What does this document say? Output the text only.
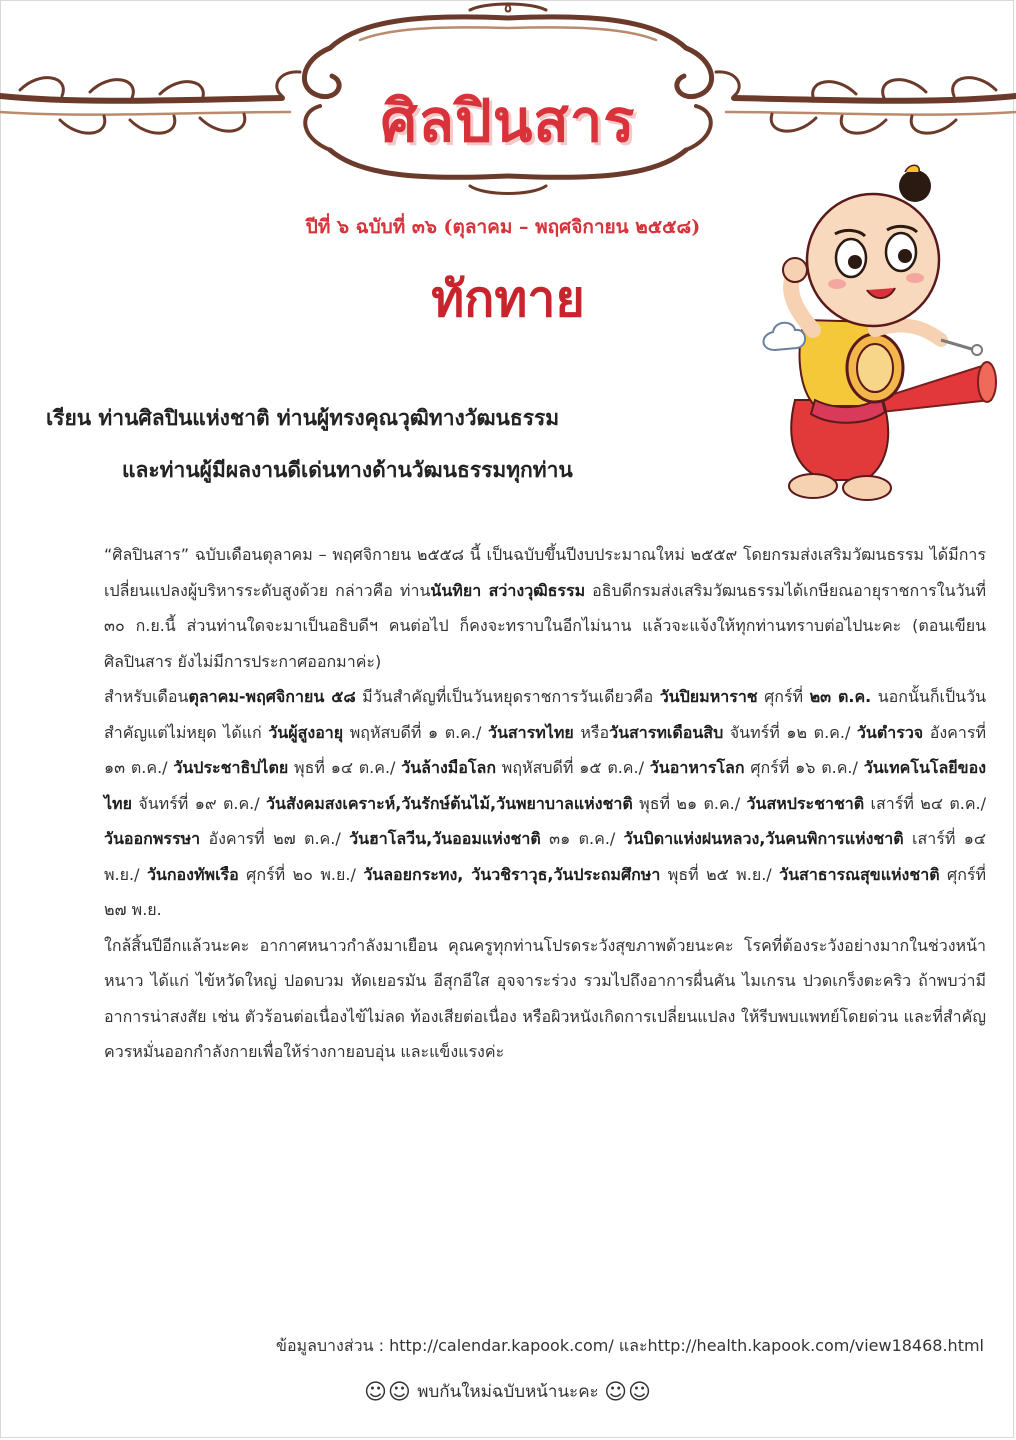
ศิลปินสาร
ปีที่ ๖ ฉบับที่ ๓๖ (ตุลาคม – พฤศจิกายน ๒๕๕๘)
ทักทาย
เรียน ท่านศิลปินแห่งชาติ ท่านผู้ทรงคุณวุฒิทางวัฒนธรรม
และท่านผู้มีผลงานดีเด่นทางด้านวัฒนธรรมทุกท่าน

“ศิลปินสาร” ฉบับเดือนตุลาคม – พฤศจิกายน ๒๕๕๘ นี้ เป็นฉบับขึ้นปีงบประมาณใหม่ ๒๕๕๙ โดยกรมส่งเสริมวัฒนธรรม ได้มีการเปลี่ยนแปลงผู้บริหารระดับสูงด้วย กล่าวคือ ท่านนันทิยา สว่างวุฒิธรรม อธิบดีกรมส่งเสริมวัฒนธรรมได้เกษียณอายุราชการในวันที่ ๓๐ ก.ย.นี้ ส่วนท่านใดจะมาเป็นอธิบดีฯ คนต่อไป ก็คงจะทราบในอีกไม่นาน แล้วจะแจ้งให้ทุกท่านทราบต่อไปนะคะ (ตอนเขียนศิลปินสาร ยังไม่มีการประกาศออกมาค่ะ)

สำหรับเดือนตุลาคม-พฤศจิกายน ๕๘ มีวันสำคัญที่เป็นวันหยุดราชการวันเดียวคือ วันปิยมหาราช ศุกร์ที่ ๒๓ ต.ค. นอกนั้นก็เป็นวันสำคัญแต่ไม่หยุด ได้แก่ วันผู้สูงอายุ พฤหัสบดีที่ ๑ ต.ค./ วันสารทไทย หรือวันสารทเดือนสิบ จันทร์ที่ ๑๒ ต.ค./ วันตำรวจ อังคารที่ ๑๓ ต.ค./ วันประชาธิปไตย พุธที่ ๑๔ ต.ค./ วันล้างมือโลก พฤหัสบดีที่ ๑๕ ต.ค./ วันอาหารโลก ศุกร์ที่ ๑๖ ต.ค./ วันเทคโนโลยีของไทย จันทร์ที่ ๑๙ ต.ค./ วันสังคมสงเคราะห์,วันรักษ์ต้นไม้,วันพยาบาลแห่งชาติ พุธที่ ๒๑ ต.ค./ วันสหประชาชาติ เสาร์ที่ ๒๔ ต.ค./ วันออกพรรษา อังคารที่ ๒๗ ต.ค./ วันฮาโลวีน,วันออมแห่งชาติ ๓๑ ต.ค./ วันบิดาแห่งฝนหลวง,วันคนพิการแห่งชาติ เสาร์ที่ ๑๔ พ.ย./ วันกองทัพเรือ ศุกร์ที่ ๒๐ พ.ย./ วันลอยกระทง, วันวชิราวุธ,วันประถมศึกษา พุธที่ ๒๕ พ.ย./ วันสาธารณสุขแห่งชาติ ศุกร์ที่ ๒๗ พ.ย.

ใกล้สิ้นปีอีกแล้วนะคะ อากาศหนาวกำลังมาเยือน คุณครูทุกท่านโปรดระวังสุขภาพด้วยนะคะ โรคที่ต้องระวังอย่างมากในช่วงหน้าหนาว ได้แก่ ไข้หวัดใหญ่ ปอดบวม หัดเยอรมัน อีสุกอีใส อุจจาระร่วง รวมไปถึงอาการผื่นคัน ไมเกรน ปวดเกร็งตะคริว ถ้าพบว่ามีอาการน่าสงสัย เช่น ตัวร้อนต่อเนื่องไข้ไม่ลด ท้องเสียต่อเนื่อง หรือผิวหนังเกิดการเปลี่ยนแปลง ให้รีบพบแพทย์โดยด่วน และที่สำคัญ ควรหมั่นออกกำลังกายเพื่อให้ร่างกายอบอุ่น และแข็งแรงค่ะ

ข้อมูลบางส่วน : http://calendar.kapook.com/ และhttp://health.kapook.com/view18468.html
☺☺ พบกันใหม่ฉบับหน้านะคะ ☺☺
